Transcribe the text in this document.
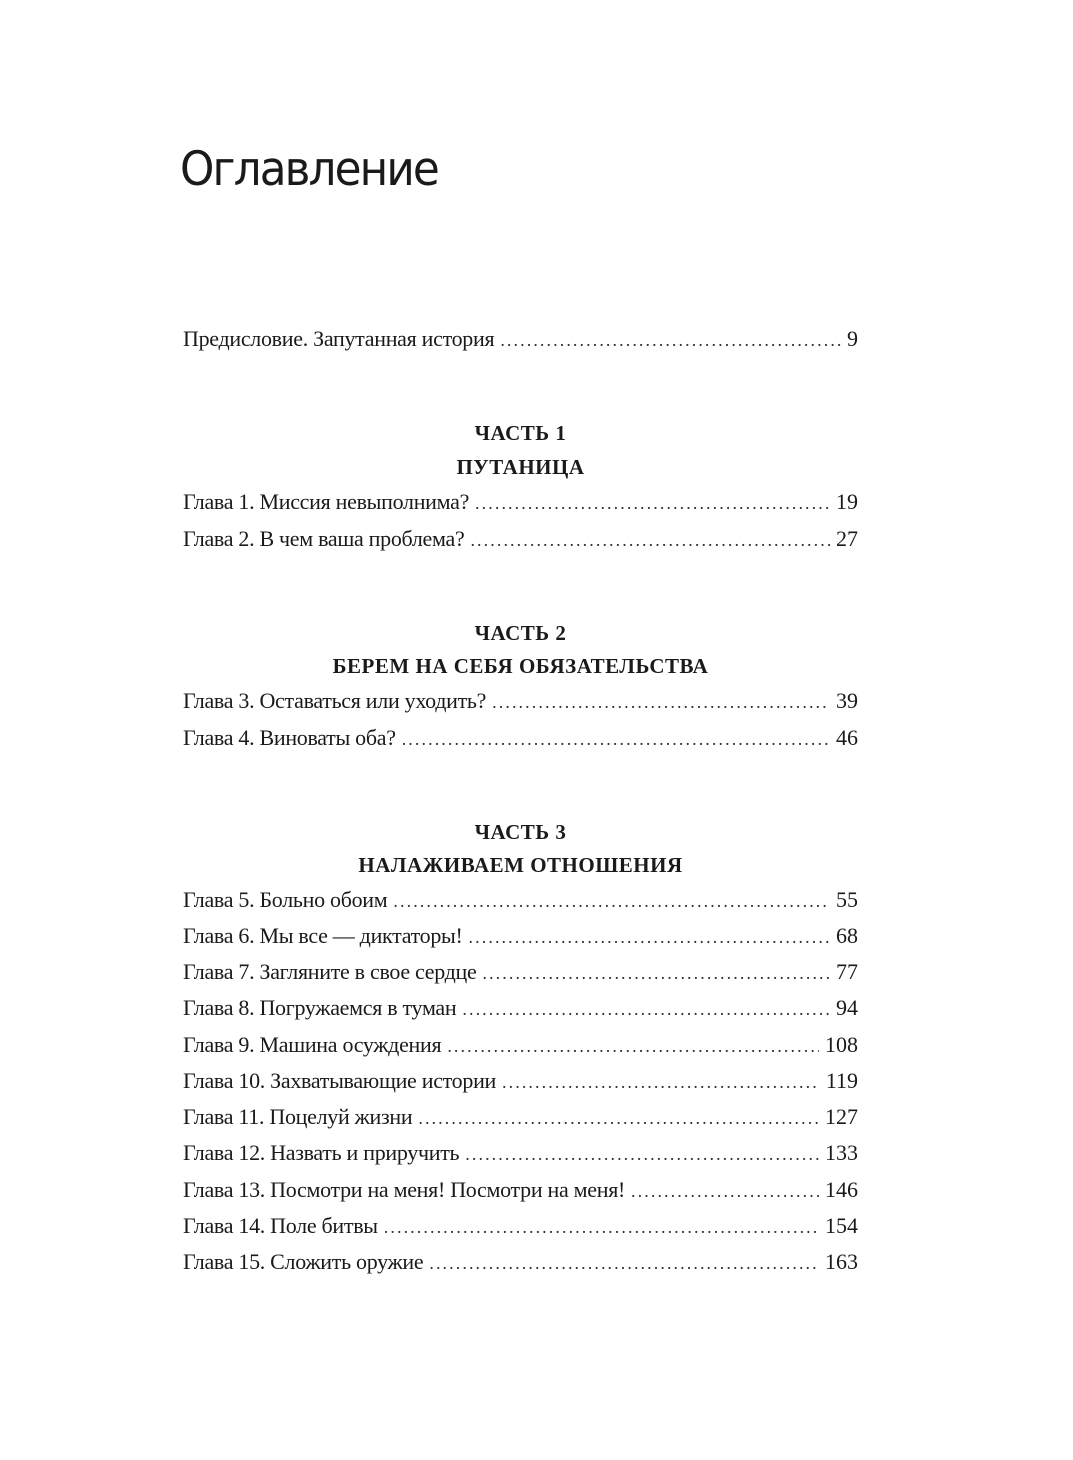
Оглавление
Предисловие. Запутанная история . . .	9
ЧАСТЬ 1
ПУТАНИЦА
Глава 1. Миссия невыполнима? . . .	19
Глава 2. В чем ваша проблема? . . .	27
ЧАСТЬ 2
БЕРЕМ НА СЕБЯ ОБЯЗАТЕЛЬСТВА
Глава 3. Оставаться или уходить? . . .	39
Глава 4. Виноваты оба? . . .	46
ЧАСТЬ 3
НАЛАЖИВАЕМ ОТНОШЕНИЯ
Глава 5. Больно обоим . . .	55
Глава 6. Мы все — диктаторы! . . .	68
Глава 7. Загляните в свое сердце . . .	77
Глава 8. Погружаемся в туман . . .	94
Глава 9. Машина осуждения . . .	108
Глава 10. Захватывающие истории . . .	119
Глава 11. Поцелуй жизни . . .	127
Глава 12. Назвать и приручить . . .	133
Глава 13. Посмотри на меня! Посмотри на меня! . . .	146
Глава 14. Поле битвы . . .	154
Глава 15. Сложить оружие . . .	163
